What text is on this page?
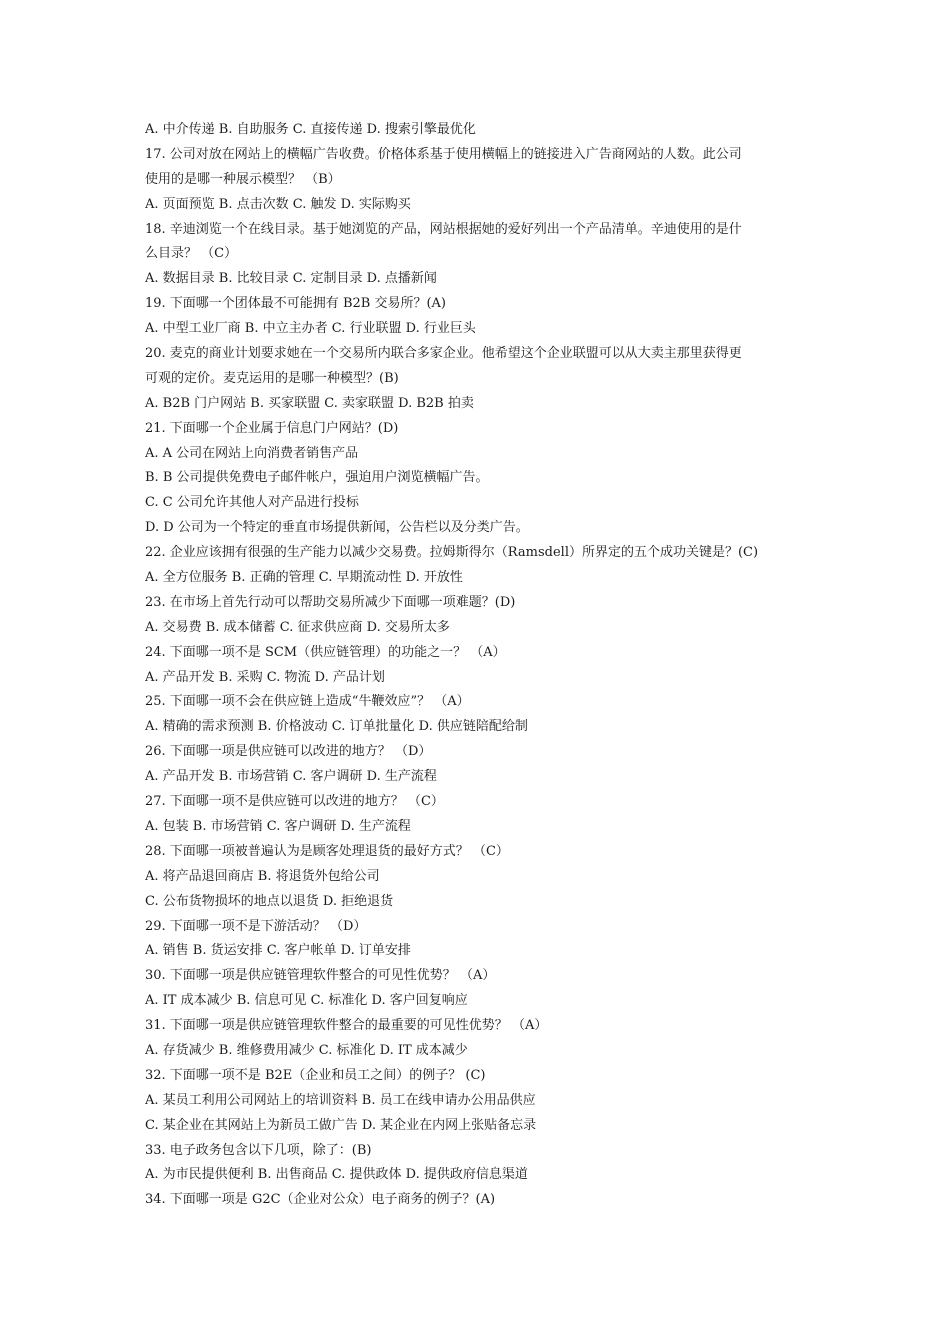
A. 中介传递 B. 自助服务 C. 直接传递 D. 搜索引擎最优化
17. 公司对放在网站上的横幅广告收费。价格体系基于使用横幅上的链接进入广告商网站的人数。此公司
使用的是哪一种展示模型？ （B）
A. 页面预览 B. 点击次数 C. 触发 D. 实际购买
18. 辛迪浏览一个在线目录。基于她浏览的产品，网站根据她的爱好列出一个产品清单。辛迪使用的是什
么目录？ （C）
A. 数据目录 B. 比较目录 C. 定制目录 D. 点播新闻
19. 下面哪一个团体最不可能拥有 B2B 交易所？(A)
A. 中型工业厂商 B. 中立主办者 C. 行业联盟 D. 行业巨头
20. 麦克的商业计划要求她在一个交易所内联合多家企业。他希望这个企业联盟可以从大卖主那里获得更
可观的定价。麦克运用的是哪一种模型？(B)
A. B2B 门户网站 B. 买家联盟 C. 卖家联盟 D. B2B 拍卖
21. 下面哪一个企业属于信息门户网站？(D)
A. A 公司在网站上向消费者销售产品
B. B 公司提供免费电子邮件帐户，强迫用户浏览横幅广告。
C. C 公司允许其他人对产品进行投标
D. D 公司为一个特定的垂直市场提供新闻，公告栏以及分类广告。
22. 企业应该拥有很强的生产能力以减少交易费。拉姆斯得尔（Ramsdell）所界定的五个成功关键是？(C)
A. 全方位服务 B. 正确的管理 C. 早期流动性 D. 开放性
23. 在市场上首先行动可以帮助交易所减少下面哪一项难题？(D)
A. 交易费 B. 成本储蓄 C. 征求供应商 D. 交易所太多
24. 下面哪一项不是 SCM（供应链管理）的功能之一？ （A）
A. 产品开发 B. 采购 C. 物流 D. 产品计划
25. 下面哪一项不会在供应链上造成“牛鞭效应”？ （A）
A. 精确的需求预测 B. 价格波动 C. 订单批量化 D. 供应链陪配给制
26. 下面哪一项是供应链可以改进的地方？ （D）
A. 产品开发 B. 市场营销 C. 客户调研 D. 生产流程
27. 下面哪一项不是供应链可以改进的地方？ （C）
A. 包装 B. 市场营销 C. 客户调研 D. 生产流程
28. 下面哪一项被普遍认为是顾客处理退货的最好方式？ （C）
A. 将产品退回商店 B. 将退货外包给公司
C. 公布货物损坏的地点以退货 D. 拒绝退货
29. 下面哪一项不是下游活动？ （D）
A. 销售 B. 货运安排 C. 客户帐单 D. 订单安排
30. 下面哪一项是供应链管理软件整合的可见性优势？ （A）
A. IT 成本减少 B. 信息可见 C. 标准化 D. 客户回复响应
31. 下面哪一项是供应链管理软件整合的最重要的可见性优势？ （A）
A. 存货减少 B. 维修费用减少 C. 标准化 D. IT 成本减少
32. 下面哪一项不是 B2E（企业和员工之间）的例子？ (C)
A. 某员工利用公司网站上的培训资料 B. 员工在线申请办公用品供应
C. 某企业在其网站上为新员工做广告 D. 某企业在内网上张贴备忘录
33. 电子政务包含以下几项，除了：(B)
A. 为市民提供便利 B. 出售商品 C. 提供政体 D. 提供政府信息渠道
34. 下面哪一项是 G2C（企业对公众）电子商务的例子？(A)
